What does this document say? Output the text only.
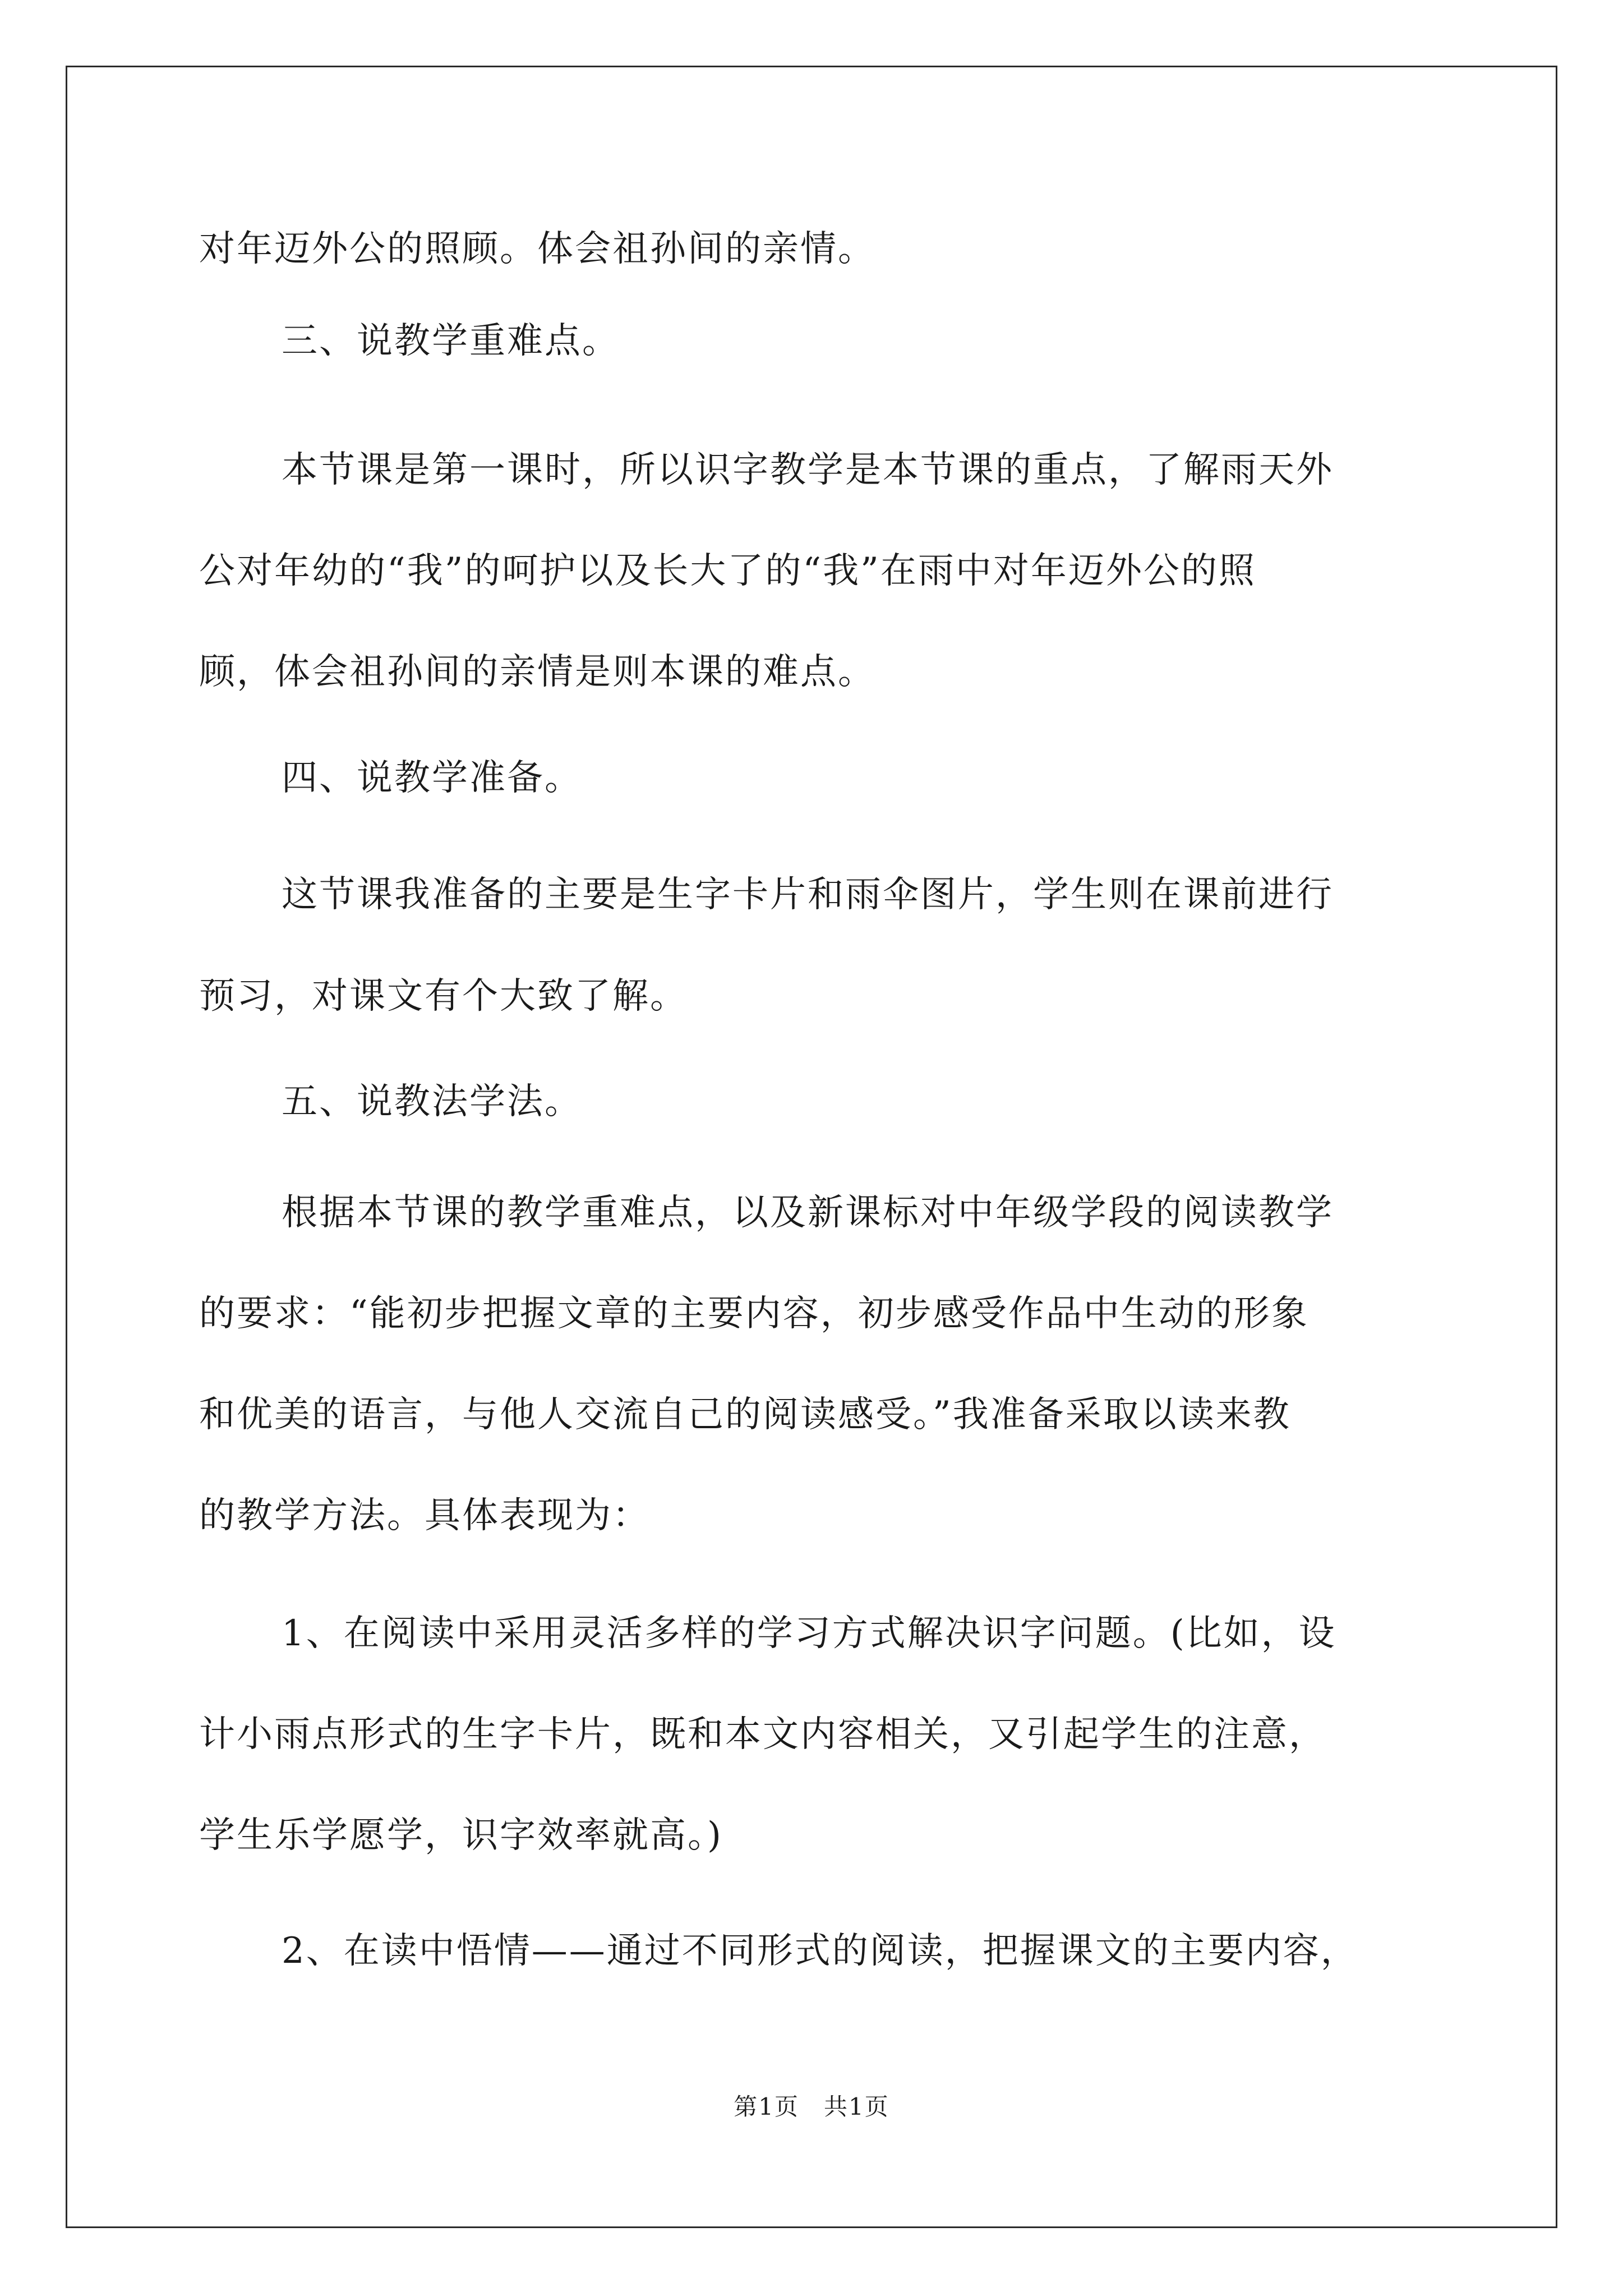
对年迈外公的照顾。体会祖孙间的亲情。
三、说教学重难点。
本节课是第一课时，所以识字教学是本节课的重点，了解雨天外
公对年幼的“我”的呵护以及长大了的“我”在雨中对年迈外公的照
顾，体会祖孙间的亲情是则本课的难点。
四、说教学准备。
这节课我准备的主要是生字卡片和雨伞图片，学生则在课前进行
预习，对课文有个大致了解。
五、说教法学法。
根据本节课的教学重难点，以及新课标对中年级学段的阅读教学
的要求：“能初步把握文章的主要内容，初步感受作品中生动的形象
和优美的语言，与他人交流自己的阅读感受。”我准备采取以读来教
的教学方法。具体表现为：
1、在阅读中采用灵活多样的学习方式解决识字问题。(比如，设
计小雨点形式的生字卡片，既和本文内容相关，又引起学生的注意，
学生乐学愿学，识字效率就高。)
2、在读中悟情——通过不同形式的阅读，把握课文的主要内容，
第1页　共1页
